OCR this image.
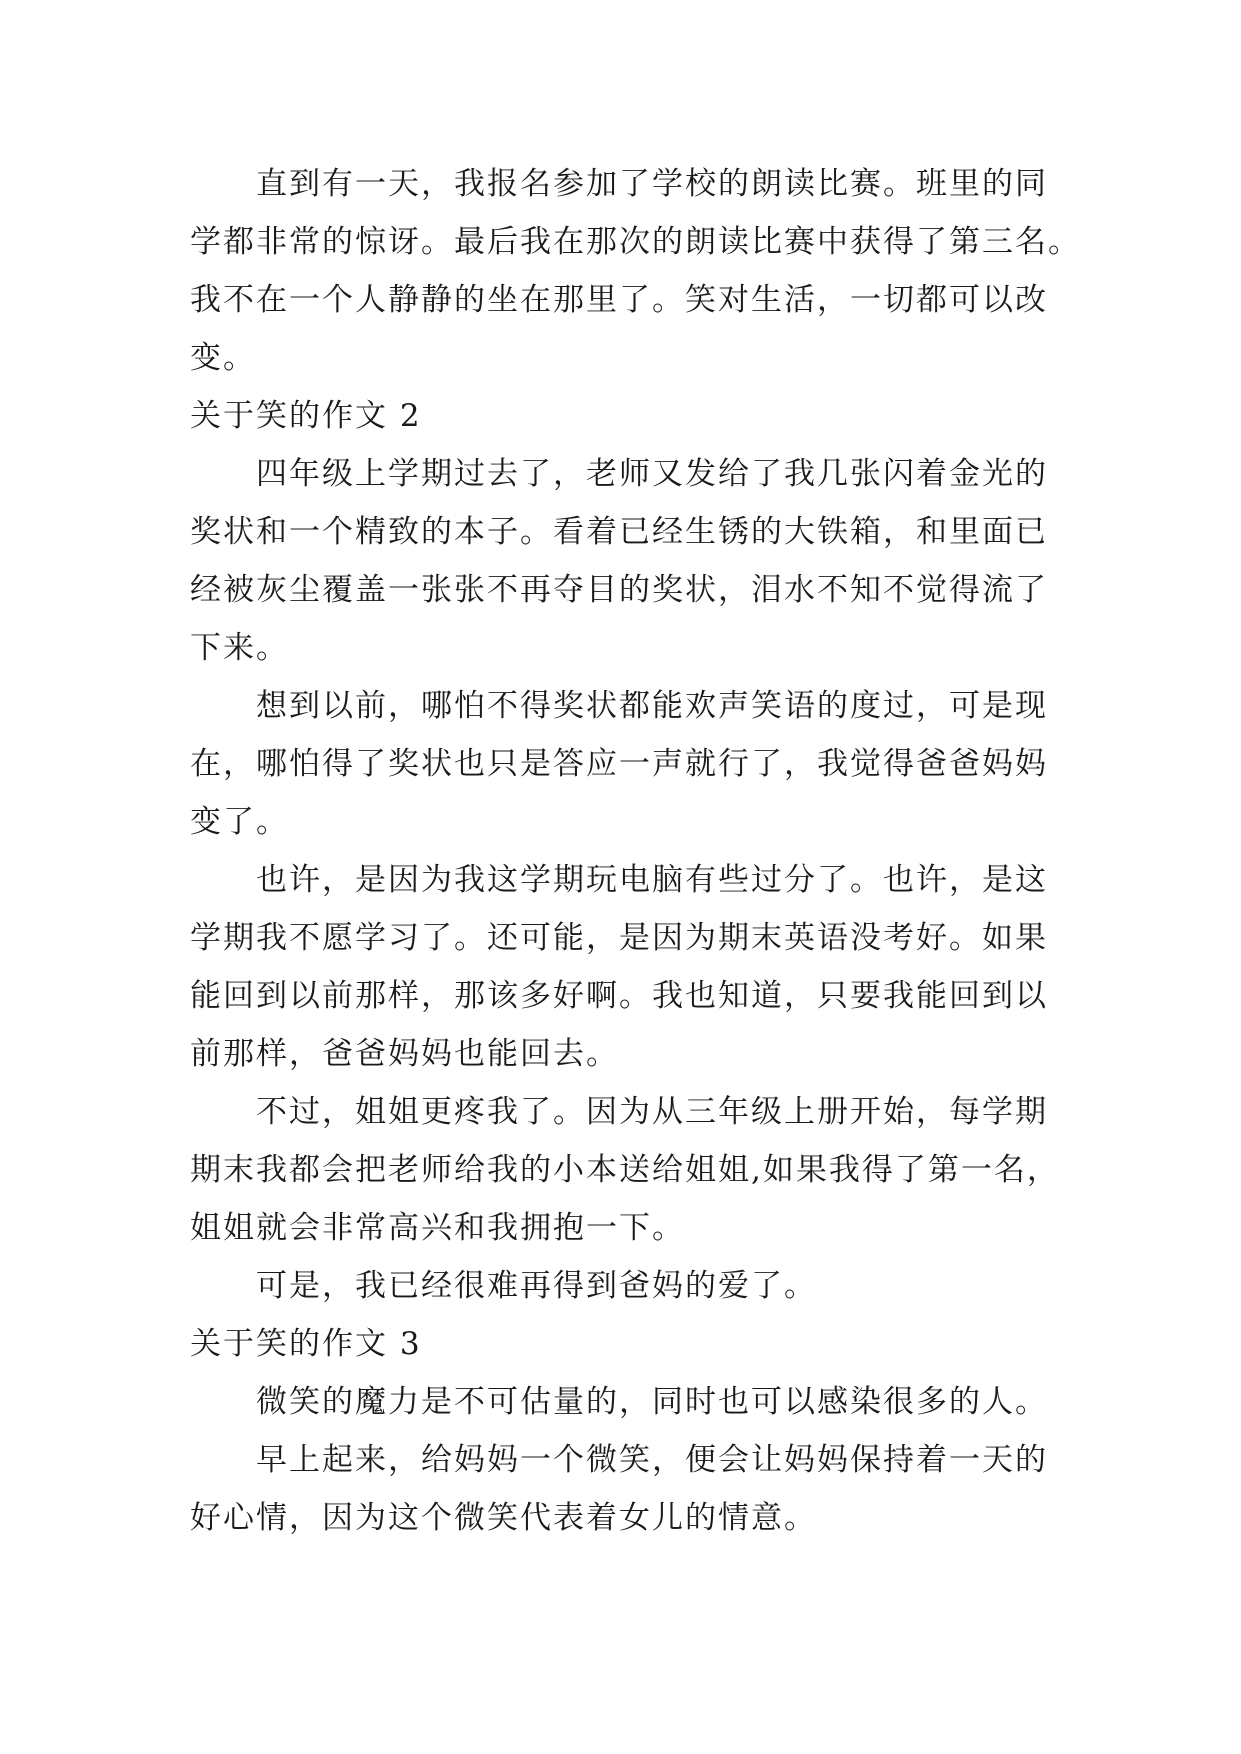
直到有一天，我报名参加了学校的朗读比赛。班里的同
学都非常的惊讶。最后我在那次的朗读比赛中获得了第三名。
我不在一个人静静的坐在那里了。笑对生活，一切都可以改
变。

关于笑的作文 2

四年级上学期过去了，老师又发给了我几张闪着金光的
奖状和一个精致的本子。看着已经生锈的大铁箱，和里面已
经被灰尘覆盖一张张不再夺目的奖状，泪水不知不觉得流了
下来。

想到以前，哪怕不得奖状都能欢声笑语的度过，可是现
在，哪怕得了奖状也只是答应一声就行了，我觉得爸爸妈妈
变了。

也许，是因为我这学期玩电脑有些过分了。也许，是这
学期我不愿学习了。还可能，是因为期末英语没考好。如果
能回到以前那样，那该多好啊。我也知道，只要我能回到以
前那样，爸爸妈妈也能回去。

不过，姐姐更疼我了。因为从三年级上册开始，每学期
期末我都会把老师给我的小本送给姐姐,如果我得了第一名，
姐姐就会非常高兴和我拥抱一下。

可是，我已经很难再得到爸妈的爱了。

关于笑的作文 3

微笑的魔力是不可估量的，同时也可以感染很多的人。

早上起来，给妈妈一个微笑，便会让妈妈保持着一天的
好心情，因为这个微笑代表着女儿的情意。
